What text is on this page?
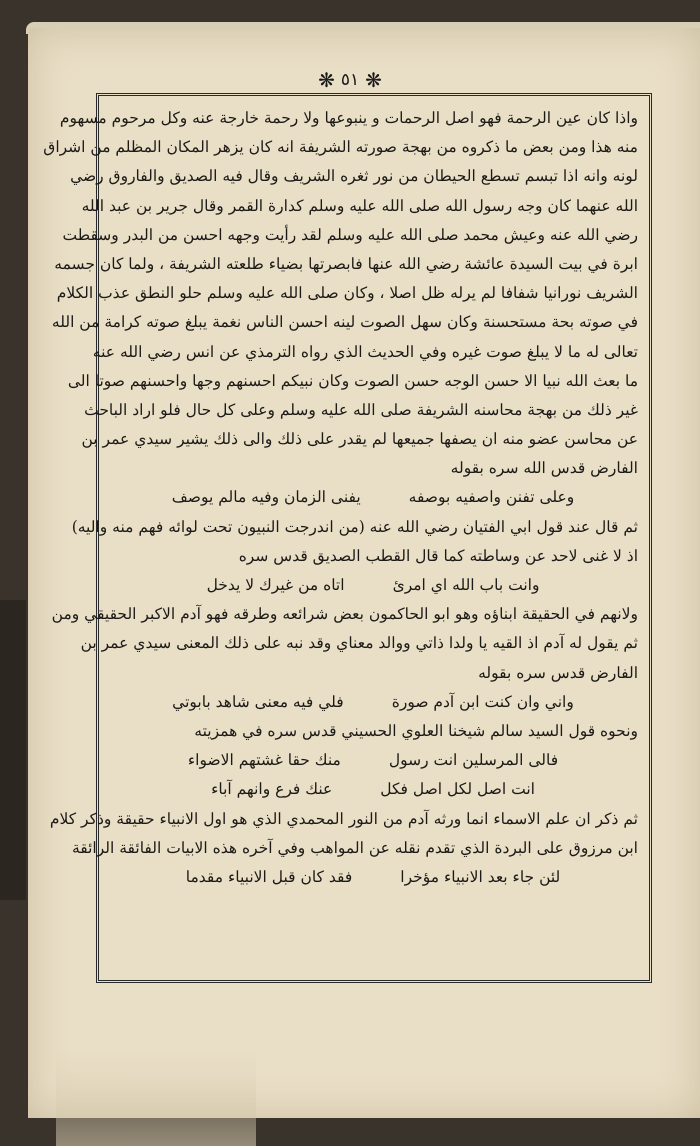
❋ ٥١ ❋
واذا كان عين الرحمة فهو اصل الرحمات و ينبوعها ولا رحمة خارجة عنه وكل مرحوم مسهوم
منه هذا ومن بعض ما ذكروه من بهجة صورته الشريفة انه كان يزهر المكان المظلم من اشراق
لونه وانه اذا تبسم تسطع الحيطان من نور ثغره الشريف وقال فيه الصديق والفاروق رضي
الله عنهما كان وجه رسول الله صلى الله عليه وسلم كدارة القمر وقال جرير بن عبد الله
رضي الله عنه وعيش محمد صلى الله عليه وسلم لقد رأيت وجهه احسن من البدر وسقطت
ابرة في بيت السيدة عائشة رضي الله عنها فابصرتها بضياء طلعته الشريفة ، ولما كان جسمه
الشريف نورانيا شفافا لم يرله ظل اصلا ، وكان صلى الله عليه وسلم حلو النطق عذب الكلام
في صوته بحة مستحسنة وكان سهل الصوت لينه احسن الناس نغمة يبلغ صوته كرامة من الله
تعالى له ما لا يبلغ صوت غيره وفي الحديث الذي رواه الترمذي عن انس رضي الله عنه
ما بعث الله نبيا الا حسن الوجه حسن الصوت وكان نبيكم احسنهم وجها واحسنهم صوتا الى
غير ذلك من بهجة محاسنه الشريفة صلى الله عليه وسلم وعلى كل حال فلو اراد الباحث
عن محاسن عضو منه ان يصفها جميعها لم يقدر على ذلك والى ذلك يشير سيدي عمر بن
الفارض قدس الله سره بقوله
وعلى تفنن واصفيه بوصفه
يفنى الزمان وفيه مالم يوصف
ثم قال عند قول ابي الفتيان رضي الله عنه (من اندرجت النبيون تحت لوائه فهم منه واليه)
اذ لا غنى لاحد عن وساطته كما قال القطب الصديق قدس سره
وانت باب الله اي امرئ
اتاه من غيرك لا يدخل
ولانهم في الحقيقة ابناؤه وهو ابو الحاكمون بعض شرائعه وطرقه فهو آدم الاكبر الحقيقي ومن
ثم يقول له آدم اذ القيه يا ولدا ذاتي ووالد معناي وقد نبه على ذلك المعنى سيدي عمر بن
الفارض قدس سره بقوله
واني وان كنت ابن آدم صورة
فلي فيه معنى شاهد بابوتي
ونحوه قول السيد سالم شيخنا العلوي الحسيني قدس سره في همزيته
فالى المرسلين انت رسول
منك حقا غشتهم الاضواء
انت اصل لكل اصل فكل
عنك فرع وانهم آباء
ثم ذكر ان علم الاسماء انما ورثه آدم من النور المحمدي الذي هو اول الانبياء حقيقة وذكر كلام
ابن مرزوق على البردة الذي تقدم نقله عن المواهب وفي آخره هذه الابيات الفائقة الرائقة
لئن جاء بعد الانبياء مؤخرا
فقد كان قبل الانبياء مقدما
